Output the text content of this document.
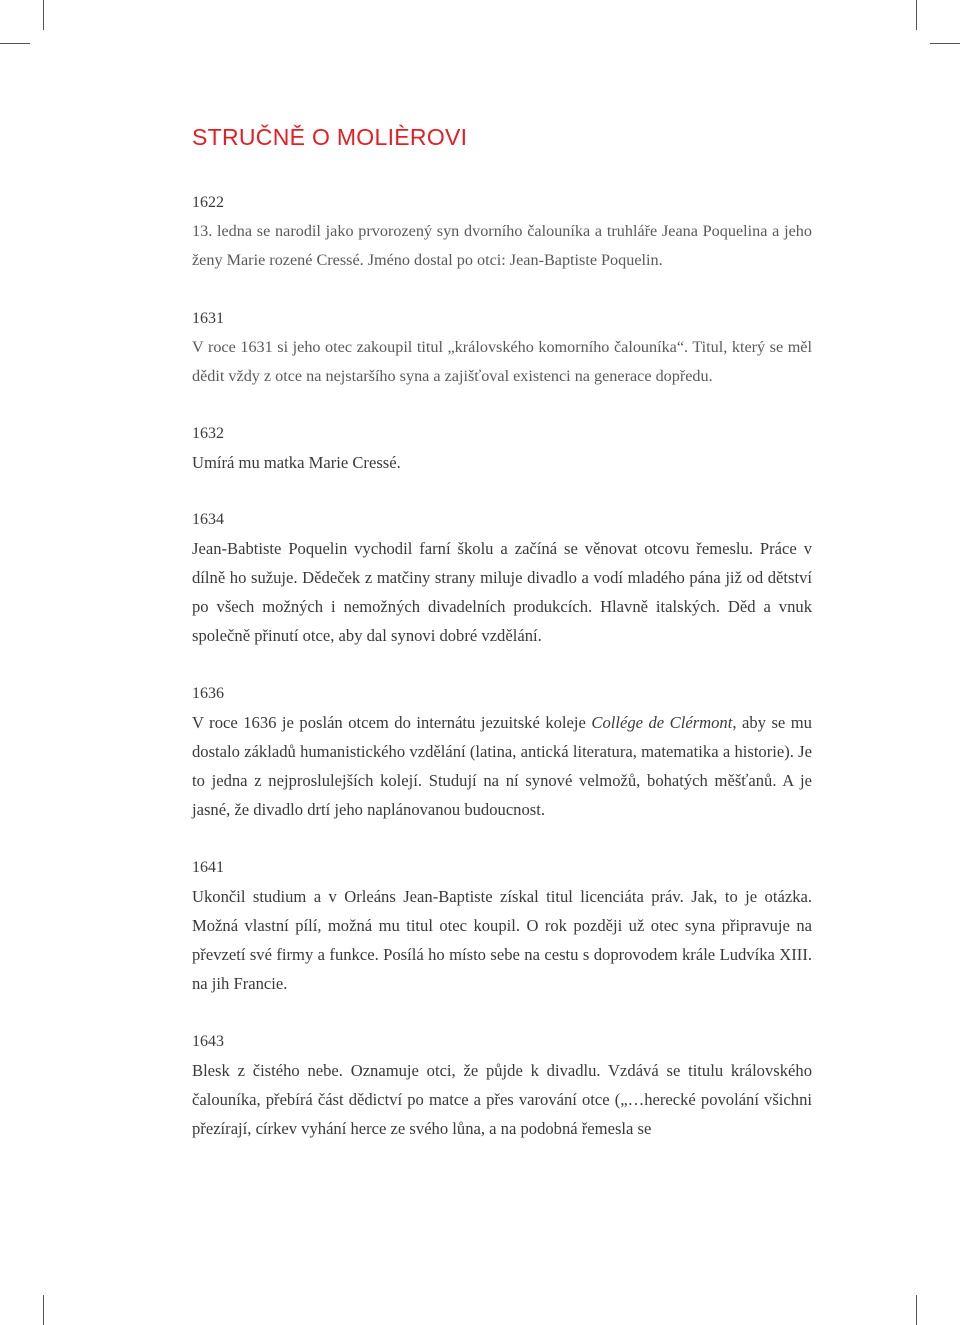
STRUČNĚ O MOLIÈROVI

1622

13. ledna se narodil jako prvorozený syn dvorního čalouníka a truhláře Jeana Poquelina a jeho ženy Marie rozené Cressé. Jméno dostal po otci: Jean-Baptiste Poquelin.

1631

V roce 1631 si jeho otec zakoupil titul „královského komorního čalouníka“. Titul, který se měl dědit vždy z otce na nejstaršího syna a zajišťoval existenci na generace dopředu.

1632

Umírá mu matka Marie Cressé.

1634

Jean-Babtiste Poquelin vychodil farní školu a začíná se věnovat otcovu řemeslu. Práce v dílně ho sužuje. Dědeček z matčiny strany miluje divadlo a vodí mladého pána již od dětství po všech možných i nemožných divadelních produkcích. Hlavně italských. Děd a vnuk společně přinutí otce, aby dal synovi dobré vzdělání.

1636

V roce 1636 je poslán otcem do internátu jezuitské koleje Collége de Clérmont, aby se mu dostalo základů humanistického vzdělání (latina, antická literatura, matematika a historie). Je to jedna z nejproslulejších kolejí. Studují na ní synové velmožů, bohatých měšťanů. A je jasné, že divadlo drtí jeho naplánovanou budoucnost.

1641

Ukončil studium a v Orleáns Jean-Baptiste získal titul licenciáta práv. Jak, to je otázka. Možná vlastní pílí, možná mu titul otec koupil. O rok později už otec syna připravuje na převzetí své firmy a funkce. Posílá ho místo sebe na cestu s doprovodem krále Ludvíka XIII. na jih Francie.

1643

Blesk z čistého nebe. Oznamuje otci, že půjde k divadlu. Vzdává se titulu královského čalouníka, přebírá část dědictví po matce a přes varování otce („…herecké povolání všichni přezírají, církev vyhání herce ze svého lůna, a na podobná řemesla se
